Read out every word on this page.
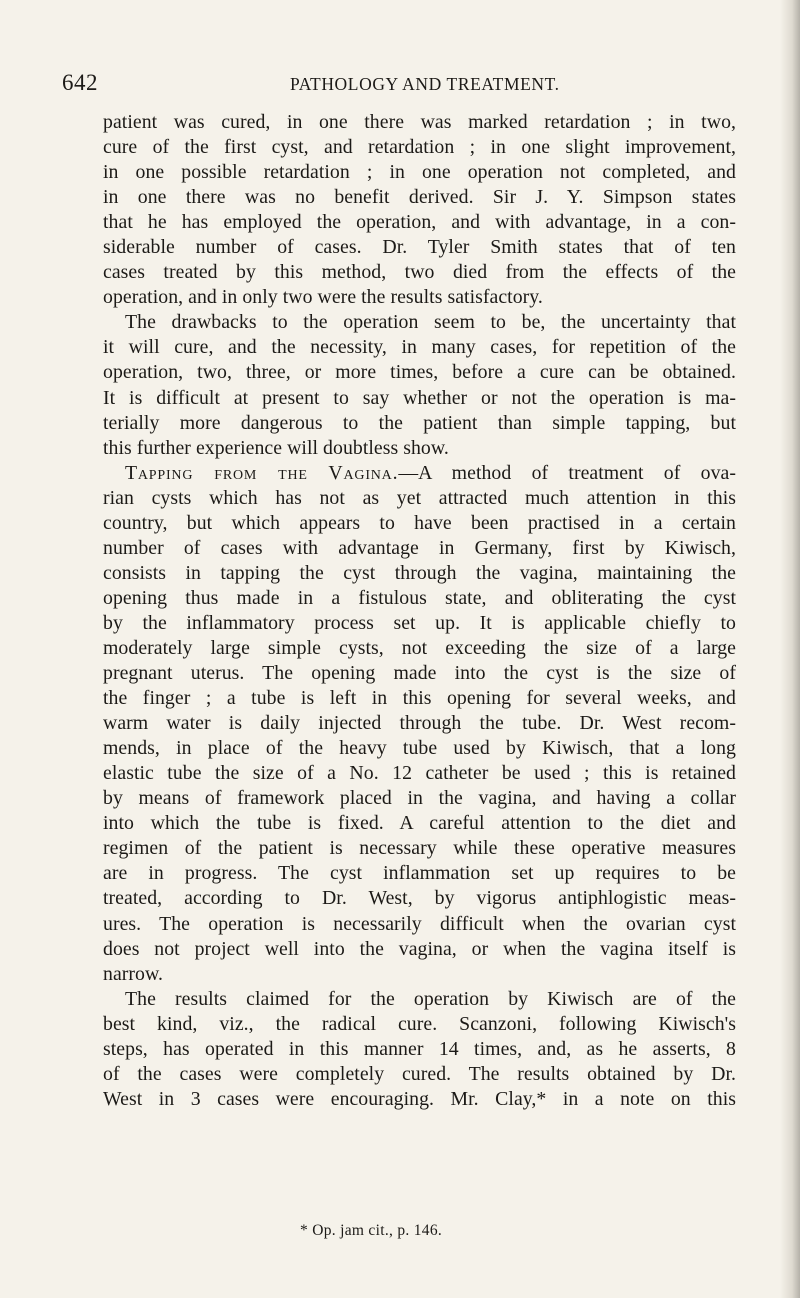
642	PATHOLOGY AND TREATMENT.
patient was cured, in one there was marked retardation ; in two,
cure of the first cyst, and retardation ; in one slight improvement,
in one possible retardation ; in one operation not completed, and
in one there was no benefit derived. Sir J. Y. Simpson states
that he has employed the operation, and with advantage, in a con-
siderable number of cases. Dr. Tyler Smith states that of ten
cases treated by this method, two died from the effects of the
operation, and in only two were the results satisfactory.
The drawbacks to the operation seem to be, the uncertainty that
it will cure, and the necessity, in many cases, for repetition of the
operation, two, three, or more times, before a cure can be obtained.
It is difficult at present to say whether or not the operation is ma-
terially more dangerous to the patient than simple tapping, but
this further experience will doubtless show.
Tapping from the Vagina.—A method of treatment of ova-
rian cysts which has not as yet attracted much attention in this
country, but which appears to have been practised in a certain
number of cases with advantage in Germany, first by Kiwisch,
consists in tapping the cyst through the vagina, maintaining the
opening thus made in a fistulous state, and obliterating the cyst
by the inflammatory process set up. It is applicable chiefly to
moderately large simple cysts, not exceeding the size of a large
pregnant uterus. The opening made into the cyst is the size of
the finger ; a tube is left in this opening for several weeks, and
warm water is daily injected through the tube. Dr. West recom-
mends, in place of the heavy tube used by Kiwisch, that a long
elastic tube the size of a No. 12 catheter be used ; this is retained
by means of framework placed in the vagina, and having a collar
into which the tube is fixed. A careful attention to the diet and
regimen of the patient is necessary while these operative measures
are in progress. The cyst inflammation set up requires to be
treated, according to Dr. West, by vigorus antiphlogistic meas-
ures. The operation is necessarily difficult when the ovarian cyst
does not project well into the vagina, or when the vagina itself is
narrow.
The results claimed for the operation by Kiwisch are of the
best kind, viz., the radical cure. Scanzoni, following Kiwisch's
steps, has operated in this manner 14 times, and, as he asserts, 8
of the cases were completely cured. The results obtained by Dr.
West in 3 cases were encouraging. Mr. Clay,* in a note on this
* Op. jam cit., p. 146.
